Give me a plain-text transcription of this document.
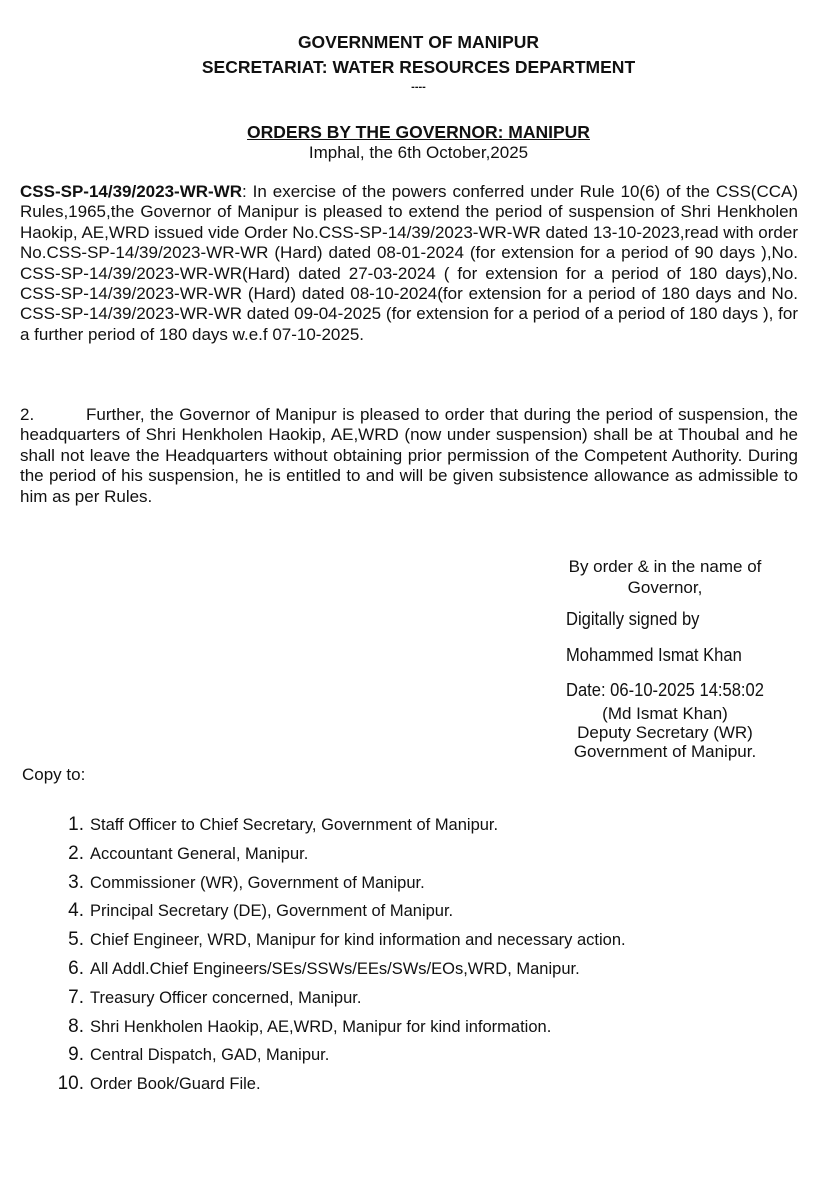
GOVERNMENT OF MANIPUR
SECRETARIAT: WATER RESOURCES DEPARTMENT
----
ORDERS BY THE GOVERNOR: MANIPUR
Imphal, the 6th October,2025

CSS-SP-14/39/2023-WR-WR: In exercise of the powers conferred under Rule 10(6) of the CSS(CCA) Rules,1965,the Governor of Manipur is pleased to extend the period of suspension of Shri Henkholen Haokip, AE,WRD issued vide Order No.CSS-SP-14/39/2023-WR-WR dated 13-10-2023,read with order No.CSS-SP-14/39/2023-WR-WR (Hard) dated 08-01-2024 (for extension for a period of 90 days ),No. CSS-SP-14/39/2023-WR-WR(Hard) dated 27-03-2024 ( for extension for a period of 180 days),No. CSS-SP-14/39/2023-WR-WR (Hard) dated 08-10-2024(for extension for a period of 180 days and No. CSS-SP-14/39/2023-WR-WR dated 09-04-2025 (for extension for a period of a period of 180 days ), for a further period of 180 days w.e.f 07-10-2025.

2.	Further, the Governor of Manipur is pleased to order that during the period of suspension, the headquarters of Shri Henkholen Haokip, AE,WRD (now under suspension) shall be at Thoubal and he shall not leave the Headquarters without obtaining prior permission of the Competent Authority. During the period of his suspension, he is entitled to and will be given subsistence allowance as admissible to him as per Rules.

By order & in the name of
Governor,
Digitally signed by
Mohammed Ismat Khan
Date: 06-10-2025 14:58:02
(Md Ismat Khan)
Deputy Secretary (WR)
Government of Manipur.
Copy to:
1. Staff Officer to Chief Secretary, Government of Manipur.
2. Accountant General, Manipur.
3. Commissioner (WR), Government of Manipur.
4. Principal Secretary (DE), Government of Manipur.
5. Chief Engineer, WRD, Manipur for kind information and necessary action.
6. All Addl.Chief Engineers/SEs/SSWs/EEs/SWs/EOs,WRD, Manipur.
7. Treasury Officer concerned, Manipur.
8. Shri Henkholen Haokip, AE,WRD, Manipur for kind information.
9. Central Dispatch, GAD, Manipur.
10. Order Book/Guard File.
